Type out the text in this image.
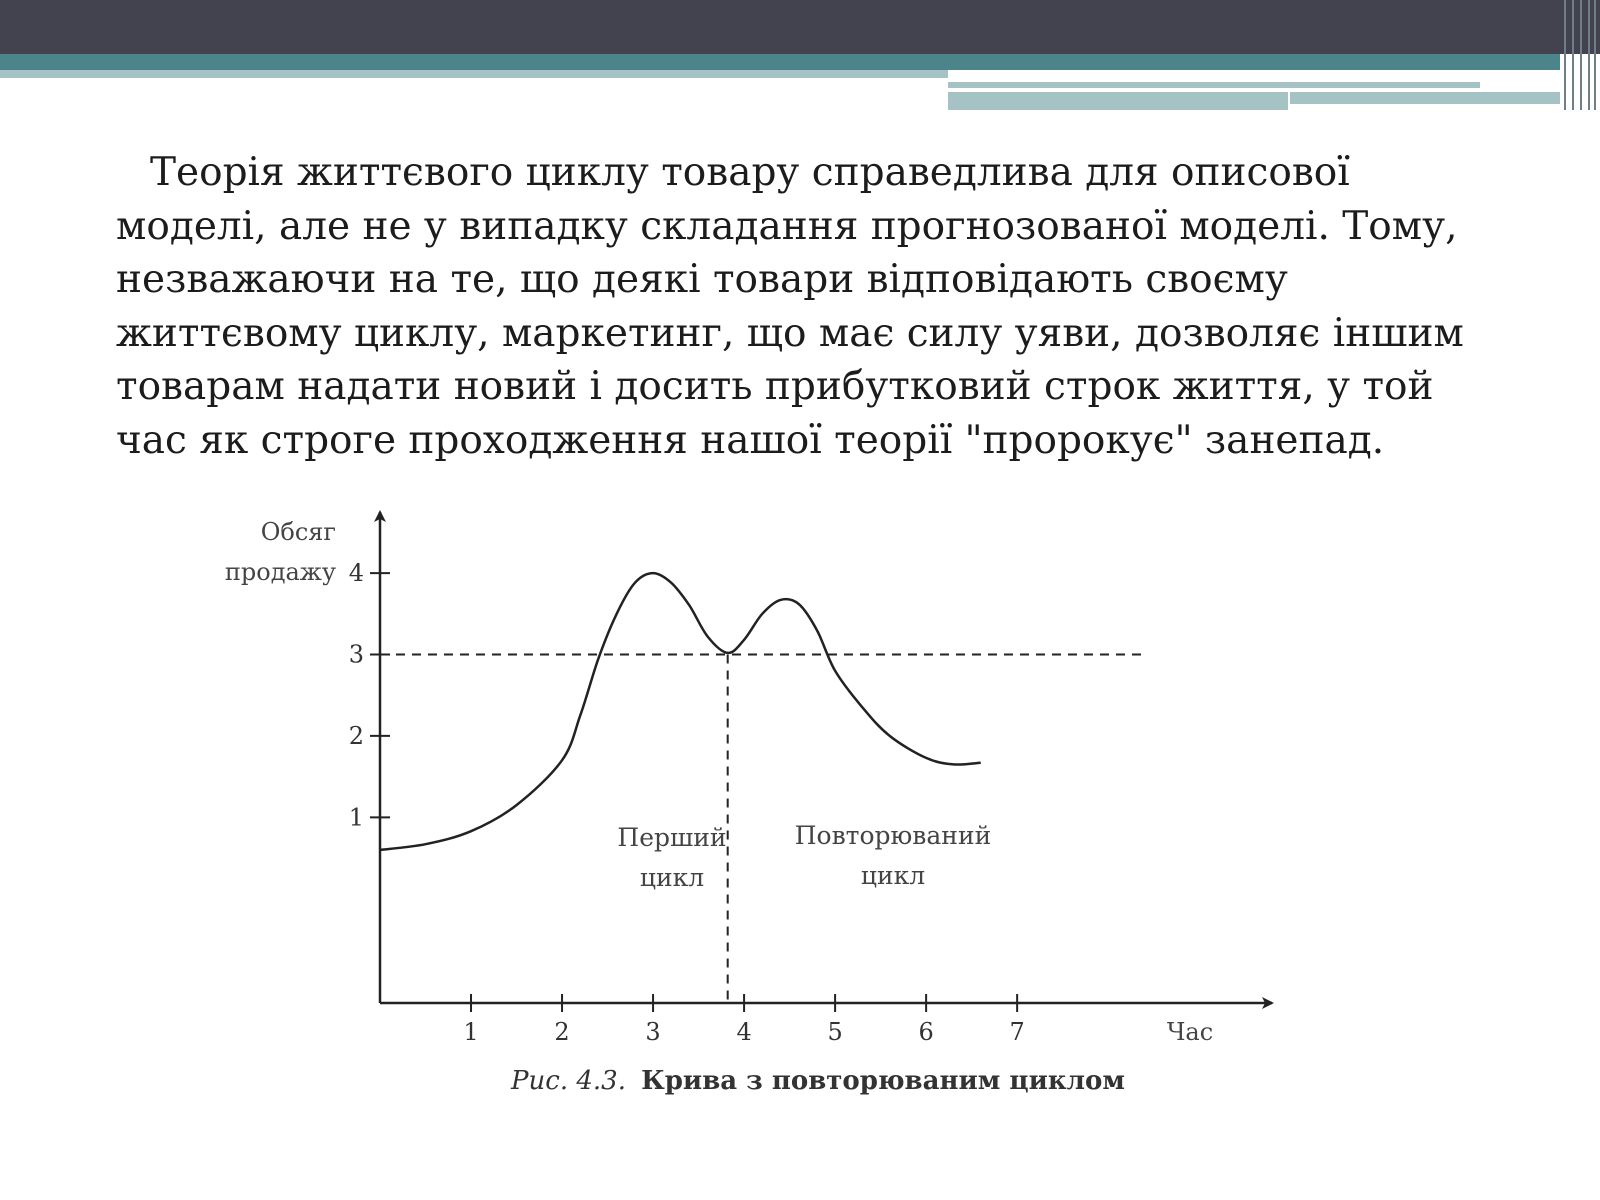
Теорія життєвого циклу товару справедлива для описової моделі, але не у випадку складання прогнозованої моделі. Тому, незважаючи на те, що деякі товари відповідають своєму життєвому циклу, маркетинг, що має силу уяви, дозволяє іншим товарам надати новий і досить прибутковий строк життя, у той час як строге проходження нашої теорії "пророкує" занепад.

1	2	3	4	5	6	7
1
2
3
4
Обсяг
продажу
Час
Перший
цикл
Повторюваний
цикл
Рис. 4.3. Крива з повторюваним циклом
